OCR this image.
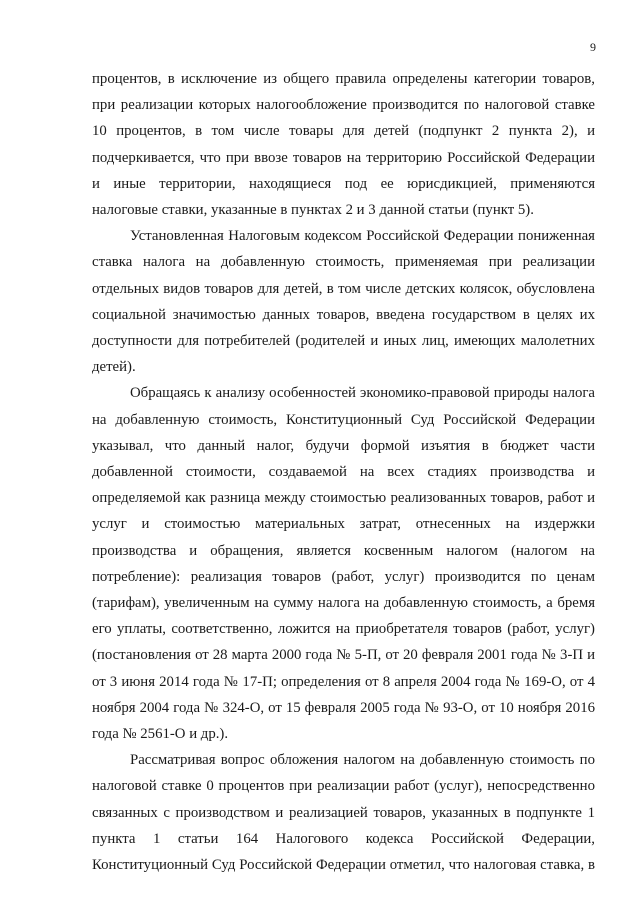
9

процентов, в исключение из общего правила определены категории товаров, при реализации которых налогообложение производится по налоговой ставке 10 процентов, в том числе товары для детей (подпункт 2 пункта 2), и подчеркивается, что при ввозе товаров на территорию Российской Федерации и иные территории, находящиеся под ее юрисдикцией, применяются налоговые ставки, указанные в пунктах 2 и 3 данной статьи (пункт 5).

Установленная Налоговым кодексом Российской Федерации пониженная ставка налога на добавленную стоимость, применяемая при реализации отдельных видов товаров для детей, в том числе детских колясок, обусловлена социальной значимостью данных товаров, введена государством в целях их доступности для потребителей (родителей и иных лиц, имеющих малолетних детей).

Обращаясь к анализу особенностей экономико-правовой природы налога на добавленную стоимость, Конституционный Суд Российской Федерации указывал, что данный налог, будучи формой изъятия в бюджет части добавленной стоимости, создаваемой на всех стадиях производства и определяемой как разница между стоимостью реализованных товаров, работ и услуг и стоимостью материальных затрат, отнесенных на издержки производства и обращения, является косвенным налогом (налогом на потребление): реализация товаров (работ, услуг) производится по ценам (тарифам), увеличенным на сумму налога на добавленную стоимость, а бремя его уплаты, соответственно, ложится на приобретателя товаров (работ, услуг) (постановления от 28 марта 2000 года № 5-П, от 20 февраля 2001 года № 3-П и от 3 июня 2014 года № 17-П; определения от 8 апреля 2004 года № 169-О, от 4 ноября 2004 года № 324-О, от 15 февраля 2005 года № 93-О, от 10 ноября 2016 года № 2561-О и др.).

Рассматривая вопрос обложения налогом на добавленную стоимость по налоговой ставке 0 процентов при реализации работ (услуг), непосредственно связанных с производством и реализацией товаров, указанных в подпункте 1 пункта 1 статьи 164 Налогового кодекса Российской Федерации, Конституционный Суд Российской Федерации отметил, что налоговая ставка, в
